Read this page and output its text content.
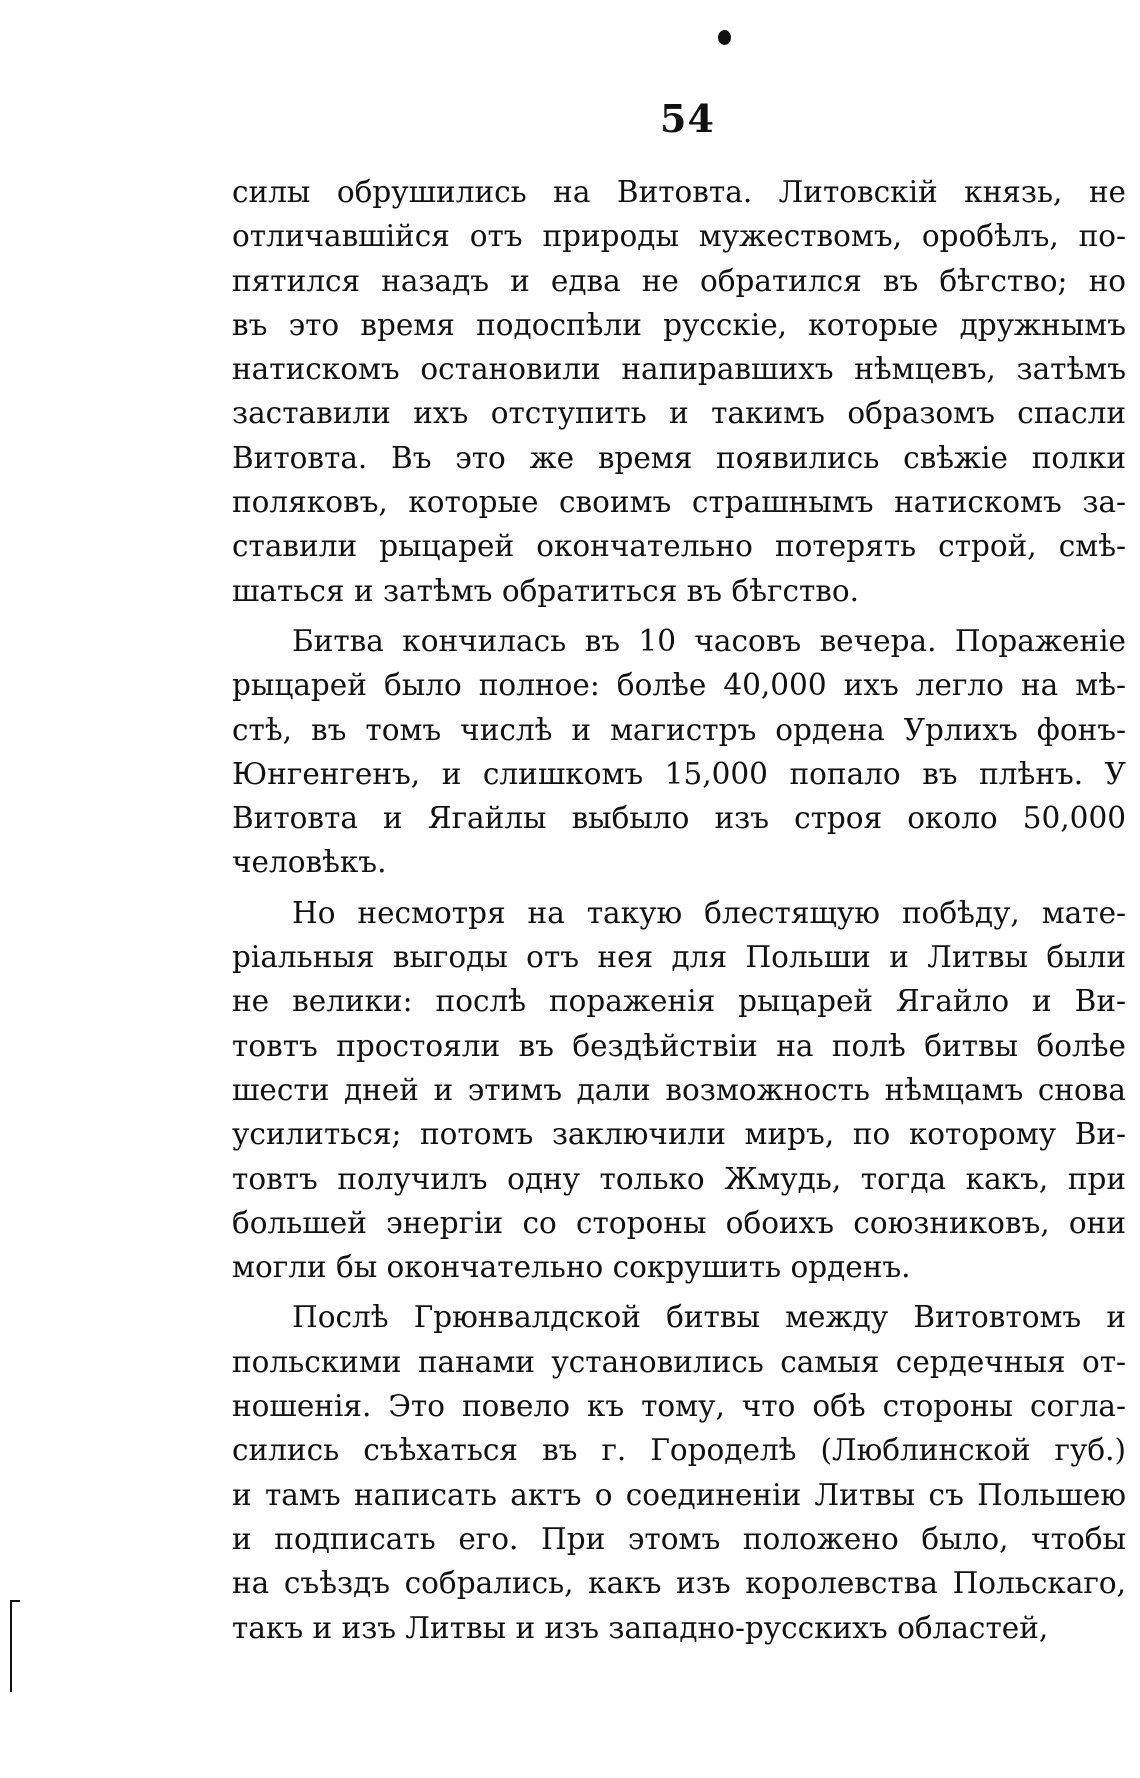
54
силы обрушились на Витовта. Литовскій князь, не
отличавшійся отъ природы мужествомъ, оробѣлъ, по-
пятился назадъ и едва не обратился въ бѣгство; но
въ это время подоспѣли русскіе, которые дружнымъ
натискомъ остановили напиравшихъ нѣмцевъ, затѣмъ
заставили ихъ отступить и такимъ образомъ спасли
Витовта. Въ это же время появились свѣжіе полки
поляковъ, которые своимъ страшнымъ натискомъ за-
ставили рыцарей окончательно потерять строй, смѣ-
шаться и затѣмъ обратиться въ бѣгство.
Битва кончилась въ 10 часовъ вечера. Пораженіе
рыцарей было полное: болѣе 40,000 ихъ легло на мѣ-
стѣ, въ томъ числѣ и магистръ ордена Урлихъ фонъ-
Юнгенгенъ, и слишкомъ 15,000 попало въ плѣнъ. У
Витовта и Ягайлы выбыло изъ строя около 50,000
человѣкъ.
Но несмотря на такую блестящую побѣду, мате-
ріальныя выгоды отъ нея для Польши и Литвы были
не велики: послѣ пораженія рыцарей Ягайло и Ви-
товтъ простояли въ бездѣйствіи на полѣ битвы болѣе
шести дней и этимъ дали возможность нѣмцамъ снова
усилиться; потомъ заключили миръ, по которому Ви-
товтъ получилъ одну только Жмудь, тогда какъ, при
большей энергіи со стороны обоихъ союзниковъ, они
могли бы окончательно сокрушить орденъ.
Послѣ Грюнвалдской битвы между Витовтомъ и
польскими панами установились самыя сердечныя от-
ношенія. Это повело къ тому, что обѣ стороны согла-
сились съѣхаться въ г. Городелѣ (Люблинской губ.)
и тамъ написать актъ о соединеніи Литвы съ Польшею
и подписать его. При этомъ положено было, чтобы
на съѣздъ собрались, какъ изъ королевства Польскаго,
такъ и изъ Литвы и изъ западно-русскихъ областей,
